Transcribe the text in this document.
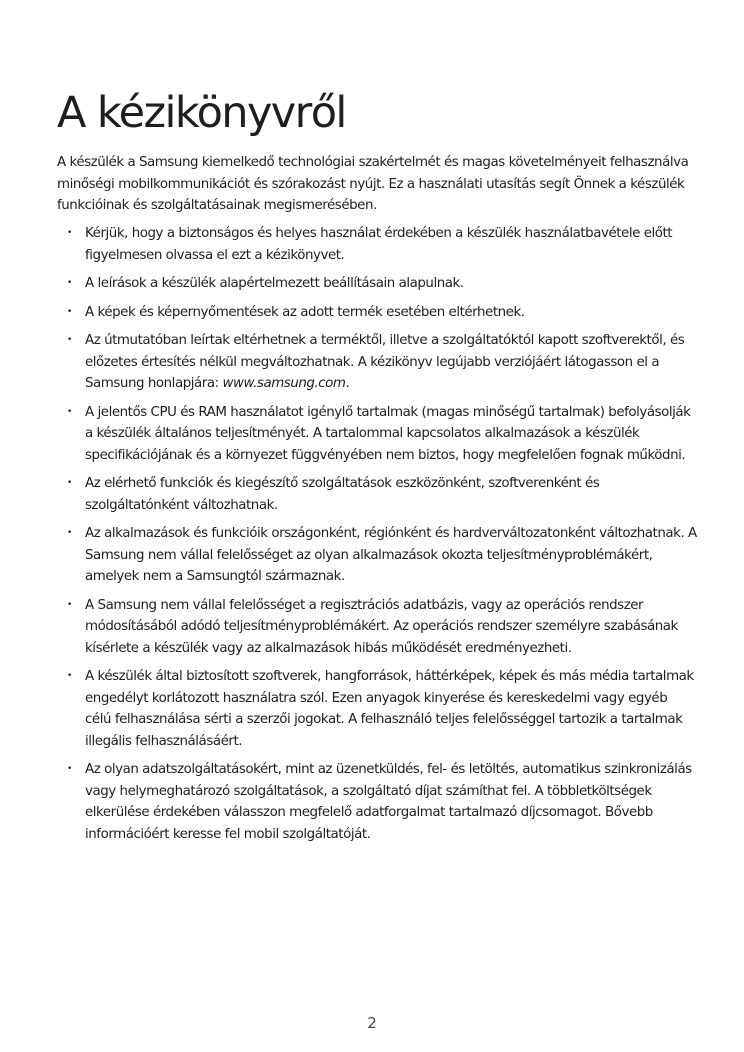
A kézikönyvről

A készülék a Samsung kiemelkedő technológiai szakértelmét és magas követelményeit felhasználva minőségi mobilkommunikációt és szórakozást nyújt. Ez a használati utasítás segít Önnek a készülék funkcióinak és szolgáltatásainak megismerésében.

• Kérjük, hogy a biztonságos és helyes használat érdekében a készülék használatbavétele előtt figyelmesen olvassa el ezt a kézikönyvet.
• A leírások a készülék alapértelmezett beállításain alapulnak.
• A képek és képernyőmentések az adott termék esetében eltérhetnek.
• Az útmutatóban leírtak eltérhetnek a terméktől, illetve a szolgáltatóktól kapott szoftverektől, és előzetes értesítés nélkül megváltozhatnak. A kézikönyv legújabb verziójáért látogasson el a Samsung honlapjára: www.samsung.com.
• A jelentős CPU és RAM használatot igénylő tartalmak (magas minőségű tartalmak) befolyásolják a készülék általános teljesítményét. A tartalommal kapcsolatos alkalmazások a készülék specifikációjának és a környezet függvényében nem biztos, hogy megfelelően fognak működni.
• Az elérhető funkciók és kiegészítő szolgáltatások eszközönként, szoftverenként és szolgáltatónként változhatnak.
• Az alkalmazások és funkcióik országonként, régiónként és hardverváltozatonként változhatnak. A Samsung nem vállal felelősséget az olyan alkalmazások okozta teljesítményproblémákért, amelyek nem a Samsungtól származnak.
• A Samsung nem vállal felelősséget a regisztrációs adatbázis, vagy az operációs rendszer módosításából adódó teljesítményproblémákért. Az operációs rendszer személyre szabásának kísérlete a készülék vagy az alkalmazások hibás működését eredményezheti.
• A készülék által biztosított szoftverek, hangforrások, háttérképek, képek és más média tartalmak engedélyt korlátozott használatra szól. Ezen anyagok kinyerése és kereskedelmi vagy egyéb célú felhasználása sérti a szerzői jogokat. A felhasználó teljes felelősséggel tartozik a tartalmak illegális felhasználásáért.
• Az olyan adatszolgáltatásokért, mint az üzenetküldés, fel- és letöltés, automatikus szinkronizálás vagy helymeghatározó szolgáltatások, a szolgáltató díjat számíthat fel. A többletköltségek elkerülése érdekében válasszon megfelelő adatforgalmat tartalmazó díjcsomagot. Bővebb információért keresse fel mobil szolgáltatóját.
2
